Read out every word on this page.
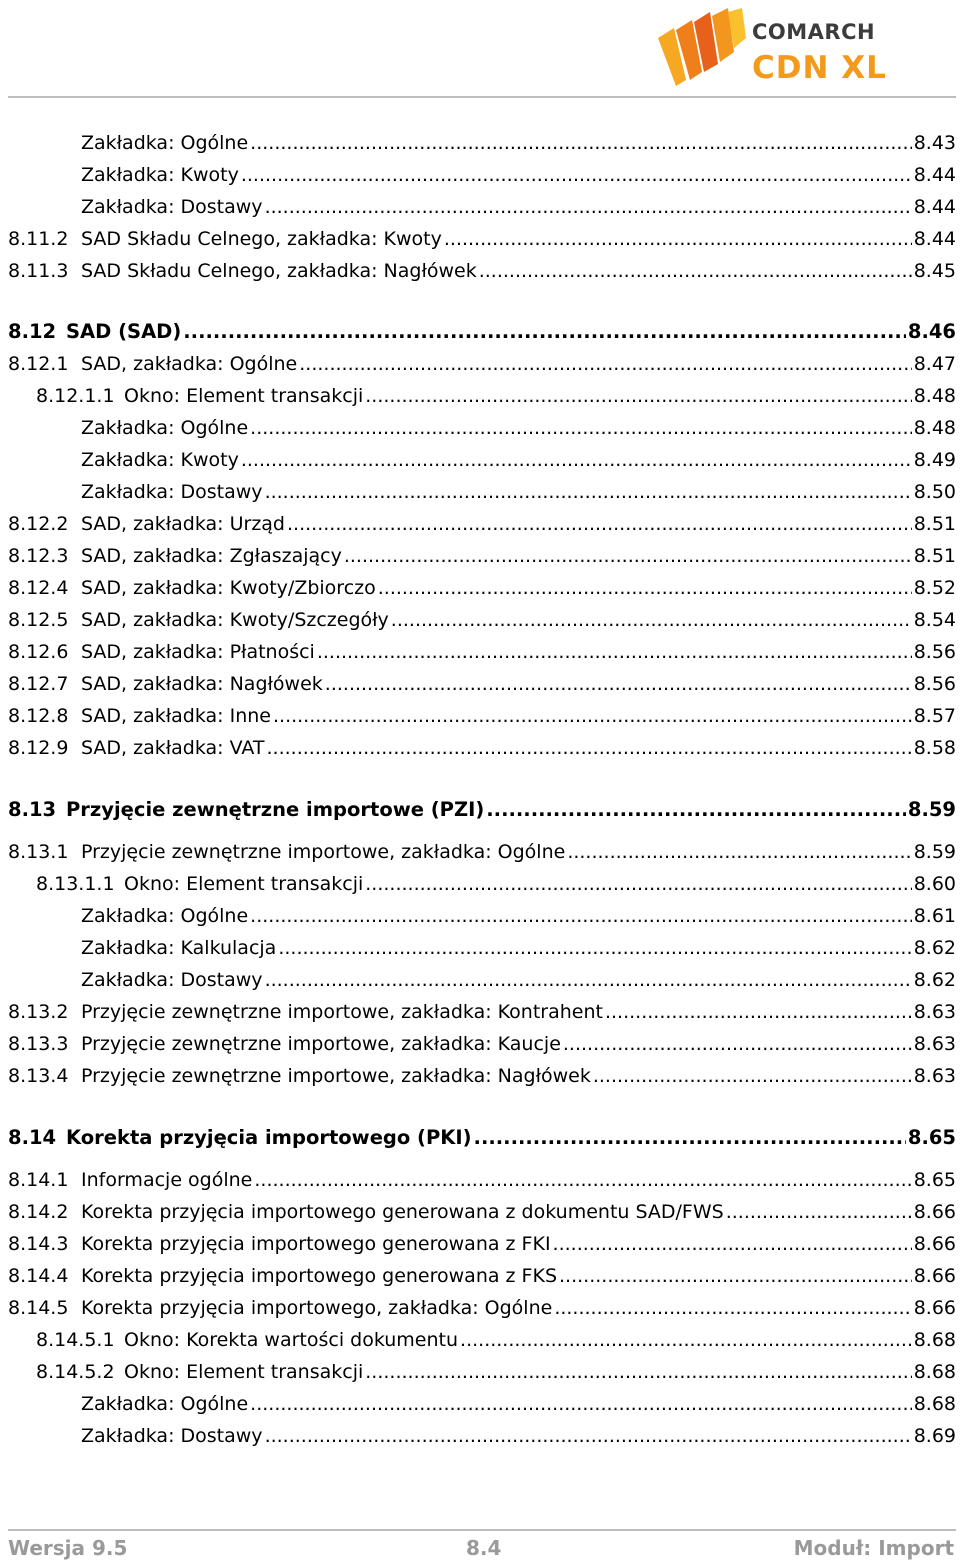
COMARCH

CDN XL

Zakładka: Ogólne .....	8.43
Zakładka: Kwoty .....	8.44
Zakładka: Dostawy .....	8.44
8.11.2 SAD Składu Celnego, zakładka: Kwoty .....	8.44
8.11.3 SAD Składu Celnego, zakładka: Nagłówek .....	8.45
8.12 SAD (SAD) .....	8.46
8.12.1 SAD, zakładka: Ogólne .....	8.47
8.12.1.1 Okno: Element transakcji .....	8.48
Zakładka: Ogólne .....	8.48
Zakładka: Kwoty .....	8.49
Zakładka: Dostawy .....	8.50
8.12.2 SAD, zakładka: Urząd .....	8.51
8.12.3 SAD, zakładka: Zgłaszający .....	8.51
8.12.4 SAD, zakładka: Kwoty/Zbiorczo .....	8.52
8.12.5 SAD, zakładka: Kwoty/Szczegóły .....	8.54
8.12.6 SAD, zakładka: Płatności .....	8.56
8.12.7 SAD, zakładka: Nagłówek .....	8.56
8.12.8 SAD, zakładka: Inne .....	8.57
8.12.9 SAD, zakładka: VAT .....	8.58
8.13 Przyjęcie zewnętrzne importowe (PZI) .....	8.59
8.13.1 Przyjęcie zewnętrzne importowe, zakładka: Ogólne .....	8.59
8.13.1.1 Okno: Element transakcji .....	8.60
Zakładka: Ogólne .....	8.61
Zakładka: Kalkulacja .....	8.62
Zakładka: Dostawy .....	8.62
8.13.2 Przyjęcie zewnętrzne importowe, zakładka: Kontrahent .....	8.63
8.13.3 Przyjęcie zewnętrzne importowe, zakładka: Kaucje .....	8.63
8.13.4 Przyjęcie zewnętrzne importowe, zakładka: Nagłówek .....	8.63
8.14 Korekta przyjęcia importowego (PKI) .....	8.65
8.14.1 Informacje ogólne .....	8.65
8.14.2 Korekta przyjęcia importowego generowana z dokumentu SAD/FWS .....	8.66
8.14.3 Korekta przyjęcia importowego generowana z FKI .....	8.66
8.14.4 Korekta przyjęcia importowego generowana z FKS .....	8.66
8.14.5 Korekta przyjęcia importowego, zakładka: Ogólne .....	8.66
8.14.5.1 Okno: Korekta wartości dokumentu .....	8.68
8.14.5.2 Okno: Element transakcji .....	8.68
Zakładka: Ogólne .....	8.68
Zakładka: Dostawy .....	8.69
Wersja 9.5	8.4	Moduł: Import
